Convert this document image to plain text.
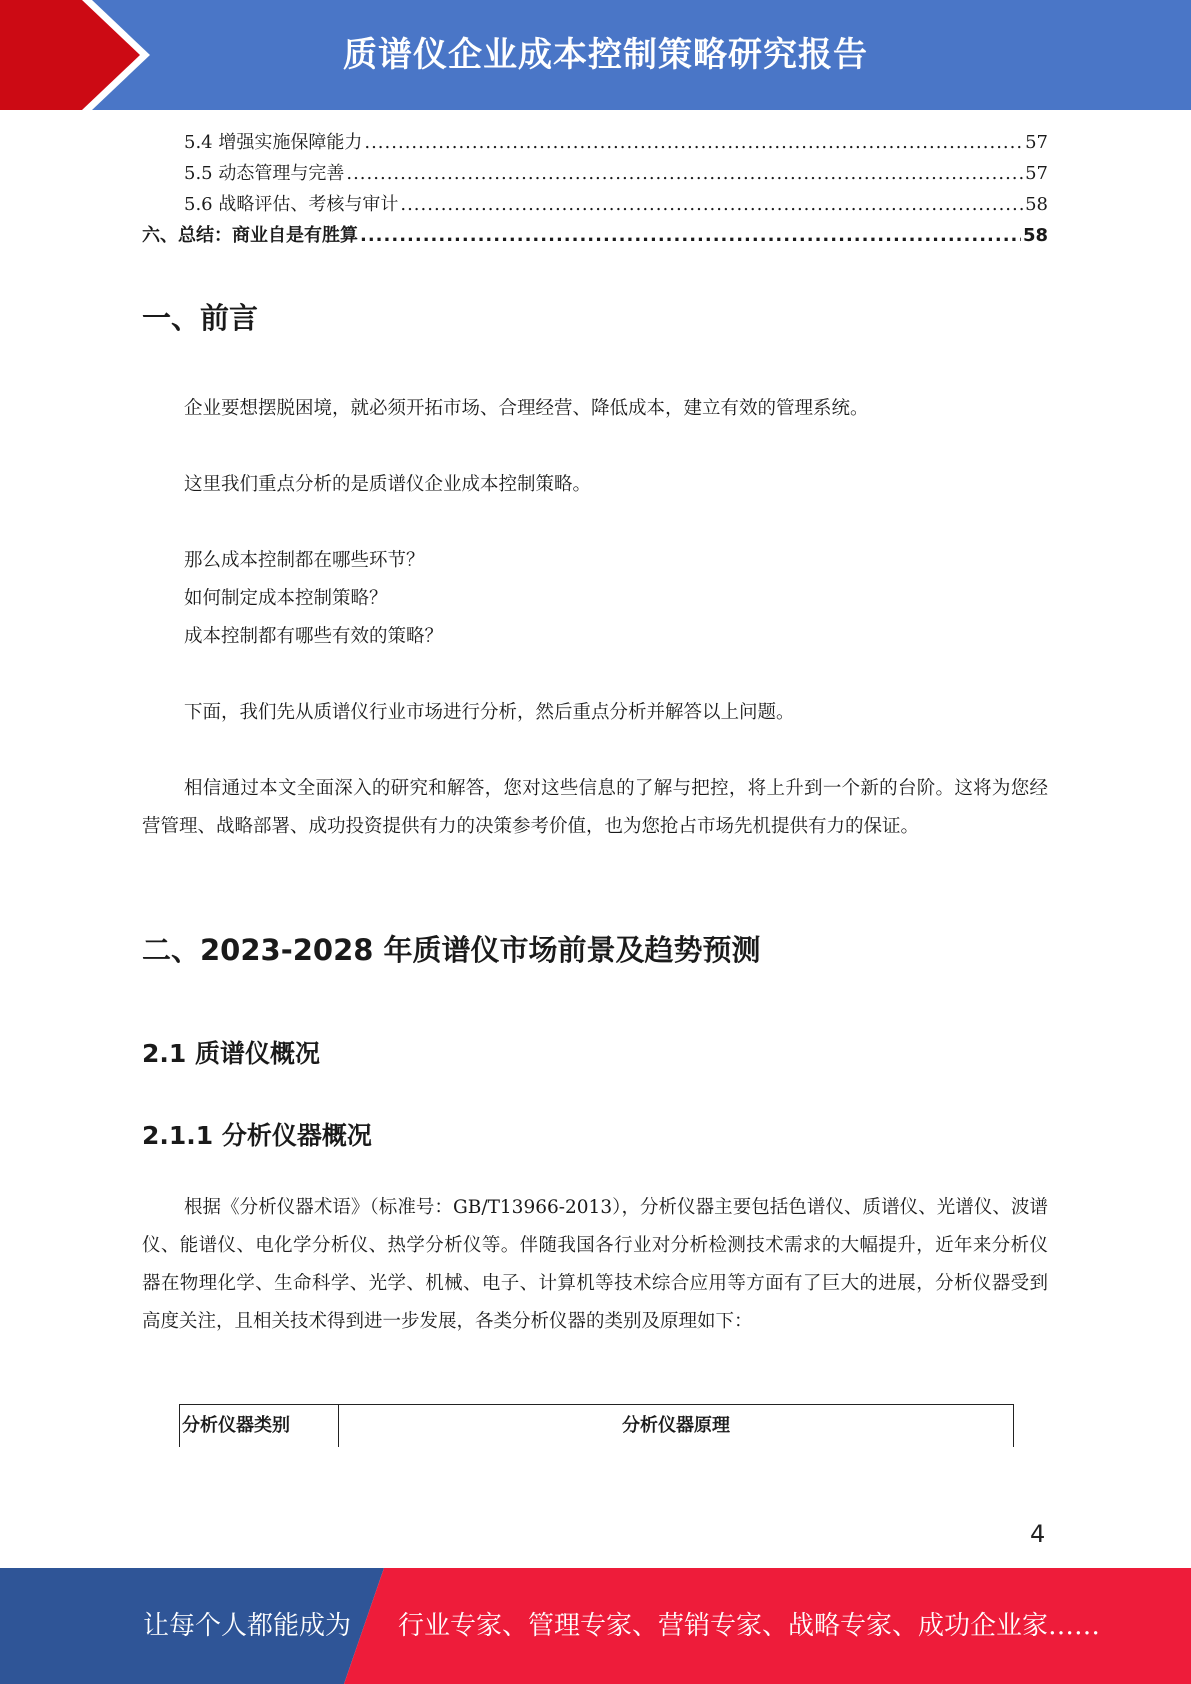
质谱仪企业成本控制策略研究报告
5.4 增强实施保障能力 .....	57
5.5 动态管理与完善 .....	57
5.6 战略评估、考核与审计 .....	58
六、总结：商业自是有胜算 .....	58
一、前言
企业要想摆脱困境，就必须开拓市场、合理经营、降低成本，建立有效的管理系统。
这里我们重点分析的是质谱仪企业成本控制策略。
那么成本控制都在哪些环节？
如何制定成本控制策略？
成本控制都有哪些有效的策略？
下面，我们先从质谱仪行业市场进行分析，然后重点分析并解答以上问题。
相信通过本文全面深入的研究和解答，您对这些信息的了解与把控，将上升到一个新的台阶。这将为您经营管理、战略部署、成功投资提供有力的决策参考价值，也为您抢占市场先机提供有力的保证。
二、2023-2028 年质谱仪市场前景及趋势预测
2.1 质谱仪概况
2.1.1 分析仪器概况
根据《分析仪器术语》（标准号：GB/T13966-2013），分析仪器主要包括色谱仪、质谱仪、光谱仪、波谱仪、能谱仪、电化学分析仪、热学分析仪等。伴随我国各行业对分析检测技术需求的大幅提升，近年来分析仪器在物理化学、生命科学、光学、机械、电子、计算机等技术综合应用等方面有了巨大的进展，分析仪器受到高度关注，且相关技术得到进一步发展，各类分析仪器的类别及原理如下：
分析仪器类别	分析仪器原理
4
让每个人都能成为 行业专家、管理专家、营销专家、战略专家、成功企业家……
